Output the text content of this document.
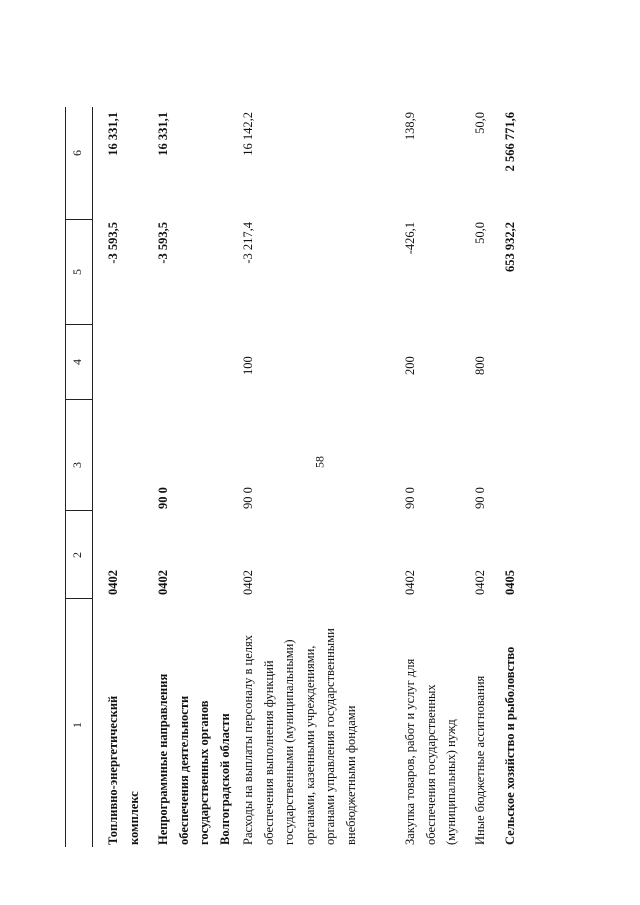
58
1
2
3
4
5
6
Топливно-энергетический комплекс
0402
-3 593,5
16 331,1
Непрограммные направления обеспечения деятельности государственных органов Волгоградской области
0402
90 0
-3 593,5
16 331,1
Расходы на выплаты персоналу в целях обеспечения выполнения функций государственными (муниципальными) органами, казенными учреждениями, органами управления государственными внебюджетными фондами
0402
90 0
100
-3 217,4
16 142,2
Закупка товаров, работ и услуг для обеспечения государственных (муниципальных) нужд
0402
90 0
200
-426,1
138,9
Иные бюджетные ассигнования
0402
90 0
800
50,0
50,0
Сельское хозяйство и рыболовство
0405
653 932,2
2 566 771,6
